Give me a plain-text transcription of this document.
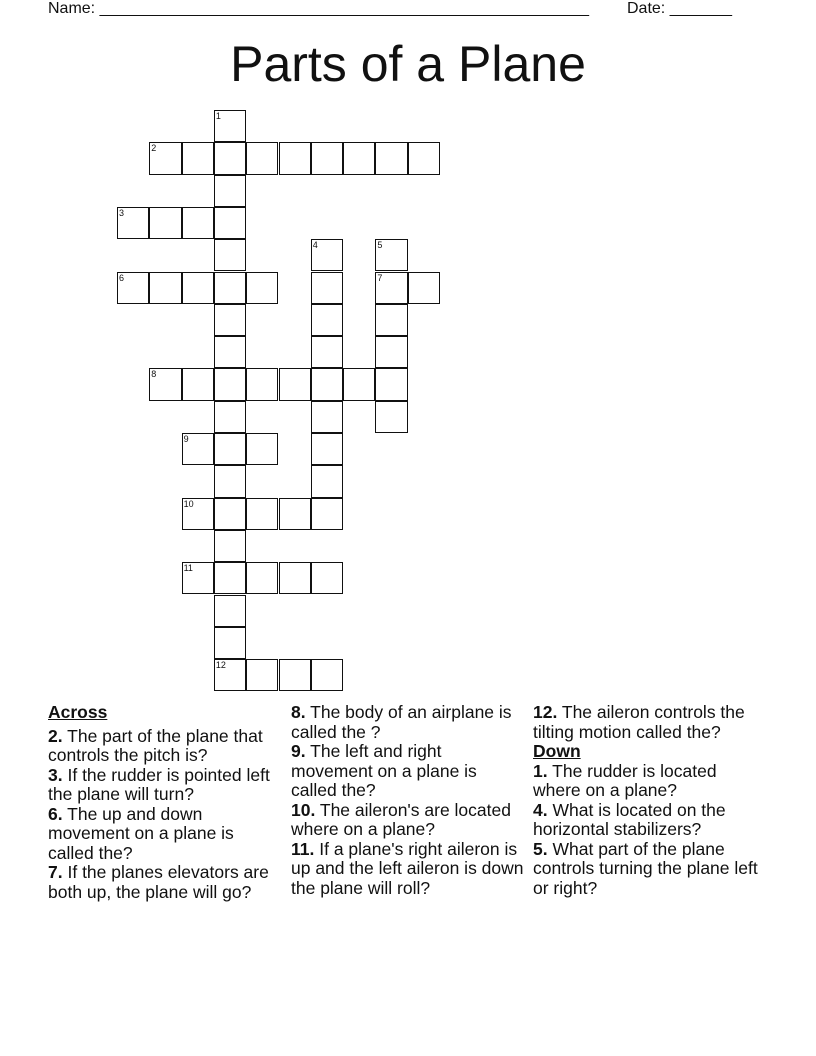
Name: _______________________________________________________ Date: _______
Parts of a Plane
1
2
3
4	5
6	7
8
9
10
11
12

Across

2. The part of the plane that controls the pitch is?

3. If the rudder is pointed left the plane will turn?

6. The up and down movement on a plane is called the?

7. If the planes elevators are both up, the plane will go?

8. The body of an airplane is called the ?

9. The left and right movement on a plane is called the?

10. The aileron's are located where on a plane?

11. If a plane's right aileron is up and the left aileron is down the plane will roll?

12. The aileron controls the tilting motion called the?

Down

1. The rudder is located where on a plane?

4. What is located on the horizontal stabilizers?

5. What part of the plane controls turning the plane left or right?
